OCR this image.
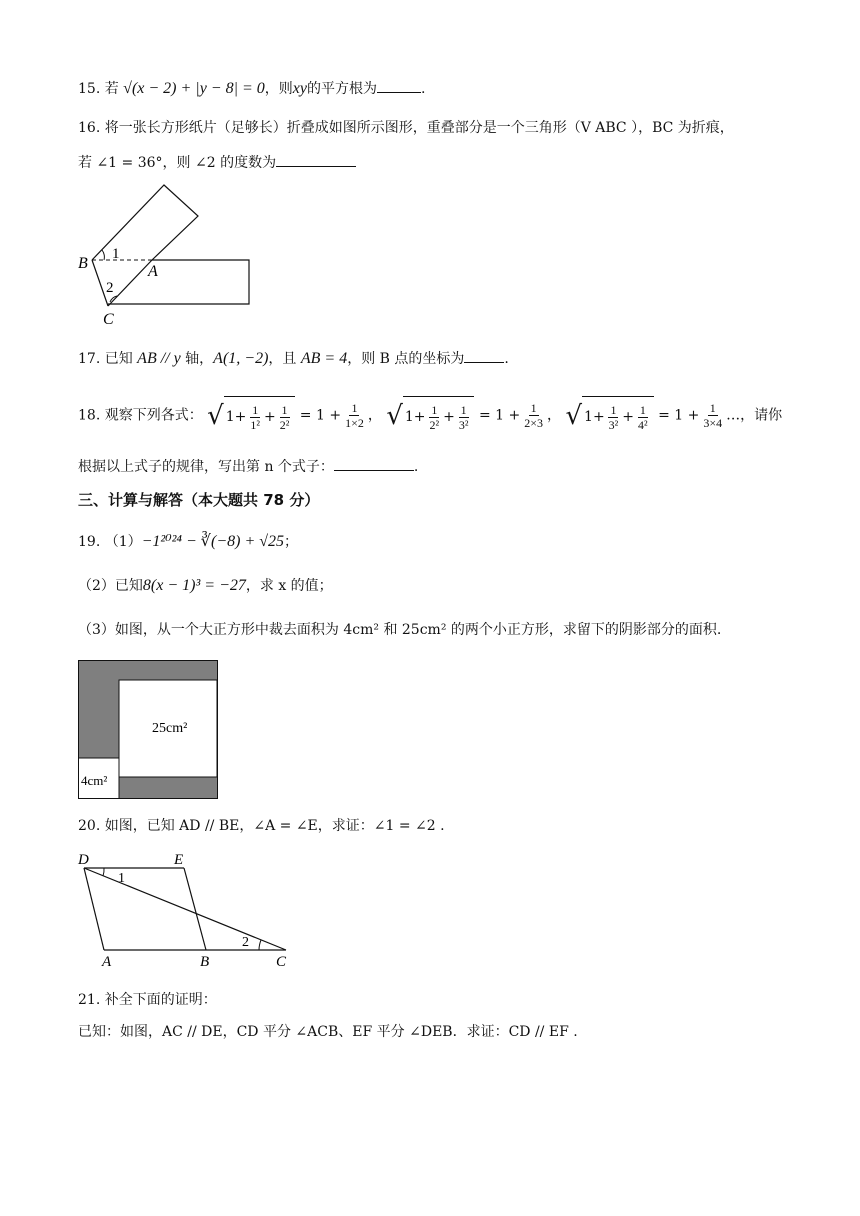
15. 若 √(x − 2) + |y − 8| = 0，则xy的平方根为	.
16. 将一张长方形纸片（足够长）折叠成如图所示图形，重叠部分是一个三角形（V ABC ），BC 为折痕，
若 ∠1 = 36°，则 ∠2 的度数为
B	A
C
1
2
17. 已知 AB // y 轴，A(1, −2)，且 AB = 4，则 B 点的坐标为	.
18. 观察下列各式： √ $1+ \frac{1}{\text{1²}} + \frac{1}{\text{2²}} = 1 + \frac{1}{1\times 2}$ ， √ $1+ \frac{1}{\text{2²}} + \frac{1}{\text{3²}} = 1 + \frac{1}{2\times 3}$ ， √ $1+ \frac{1}{\text{3²}} + \frac{1}{\text{4²}} = 1 + \frac{1}{3\times 4}$ …，请你
根据以上式子的规律，写出第 n 个式子：	.
三、计算与解答（本大题共 78 分）
19. （1）−1²⁰²⁴ − ∛(−8) + √25；
（2）已知8(x − 1)³ = −27，求 x 的值；
（3）如图，从一个大正方形中裁去面积为 4cm² 和 25cm² 的两个小正方形，求留下的阴影部分的面积.
25cm²
4cm²
20. 如图，已知 AD // BE，∠A = ∠E，求证：∠1 = ∠2 .
D	E
A	B	C
1
2
21. 补全下面的证明：
已知：如图，AC // DE，CD 平分 ∠ACB、EF 平分 ∠DEB．求证：CD // EF .
